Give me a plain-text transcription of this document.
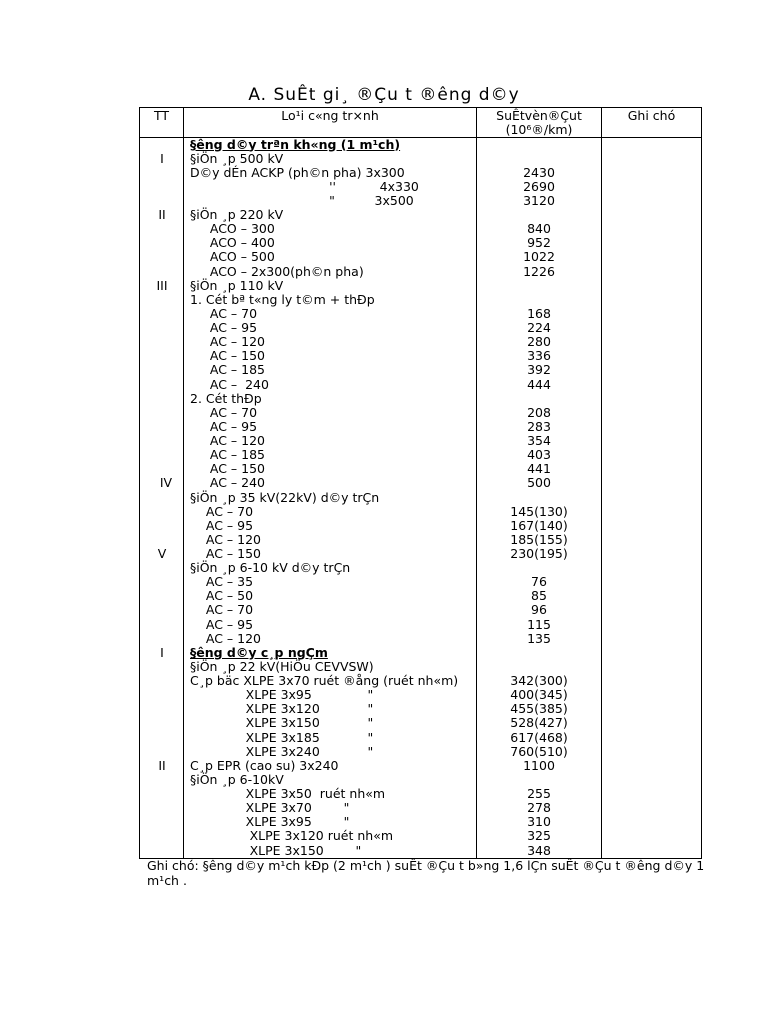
A. SuÊt gi¸ ®Çu t ®êng d©y
TT	Lo¹i c«ng tr×nh	SuÊtvèn®Çut
(10⁶®/km)
Ghi chó
§êng d©y trªn kh«ng (1 m¹ch)
I	§iÖn ¸p 500 kV
D©y dÉn ACKP (ph©n pha) 3x300	2430
''           4x330	2690
"          3x500	3120
II	§iÖn ¸p 220 kV
ACO – 300	840
ACO – 400	952
ACO – 500	1022
ACO – 2x300(ph©n pha)	1226
III	§iÖn ¸p 110 kV
1. Cét bª t«ng ly t©m + thÐp
AC – 70	168
AC – 95	224
AC – 120	280
AC – 150	336
AC – 185	392
AC –  240	444
2. Cét thÐp
AC – 70	208
AC – 95	283
AC – 120	354
AC – 185	403
AC – 150	441
IV	AC – 240	500
§iÖn ¸p 35 kV(22kV) d©y trÇn
AC – 70	145(130)
AC – 95	167(140)
AC – 120	185(155)
V	AC – 150	230(195)
§iÖn ¸p 6-10 kV d©y trÇn
AC – 35	76
AC – 50	85
AC – 70	96
AC – 95	115
AC – 120	135
I	§êng d©y c¸p ngÇm
§iÖn ¸p 22 kV(HiÖu CEVVSW)
C¸p bäc XLPE 3x70 ruét ®ång (ruét nh«m)	342(300)
XLPE 3x95              "	400(345)
XLPE 3x120            "	455(385)
XLPE 3x150            "	528(427)
XLPE 3x185            "	617(468)
XLPE 3x240            "	760(510)
II	C¸p EPR (cao su) 3x240	1100
§iÖn ¸p 6-10kV
XLPE 3x50  ruét nh«m	255
XLPE 3x70        "	278
XLPE 3x95        "	310
XLPE 3x120 ruét nh«m	325
XLPE 3x150        "	348
Ghi chó: §êng d©y m¹ch kÐp (2 m¹ch ) suÊt ®Çu t b»ng 1,6 lÇn suÊt ®Çu t ®êng d©y 1 m¹ch .
